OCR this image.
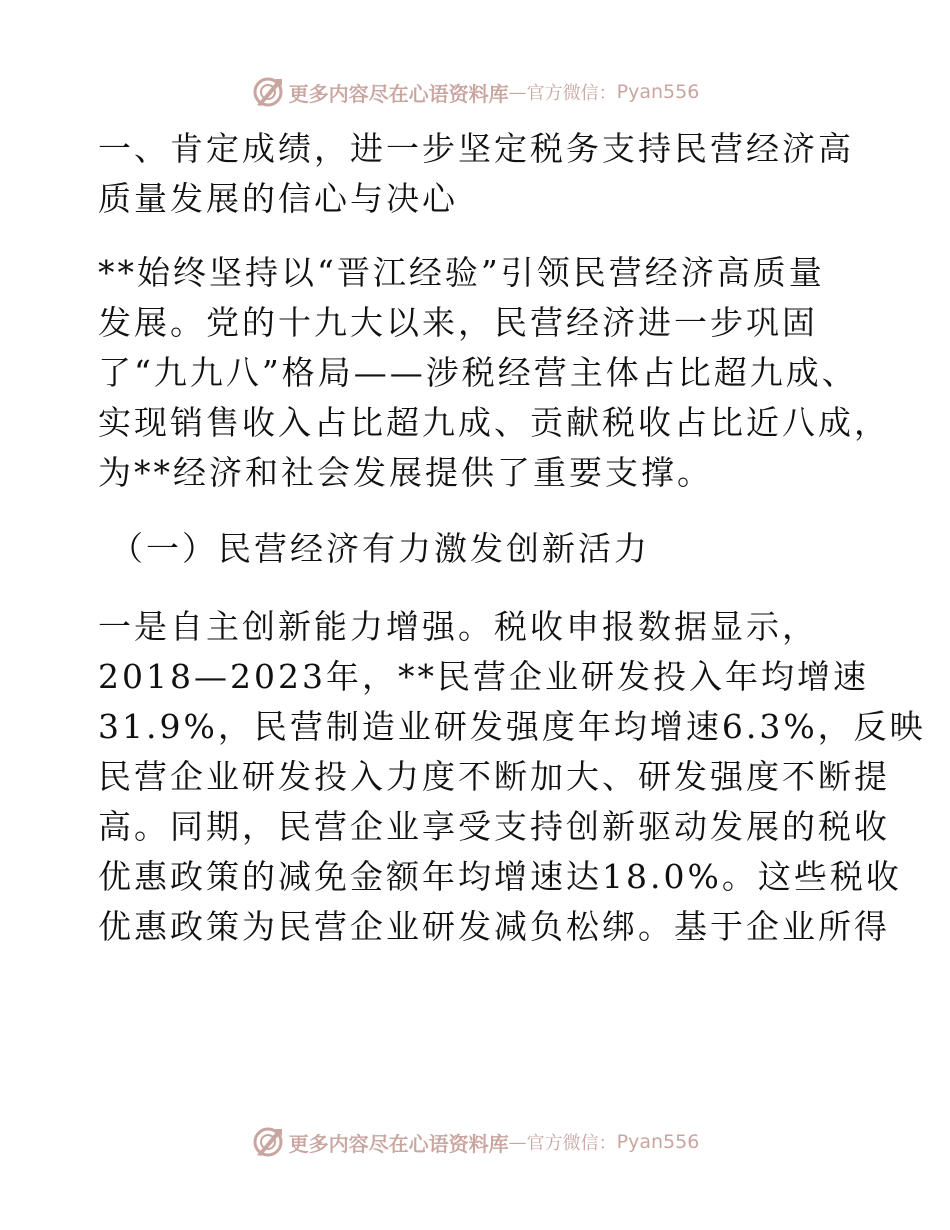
更多内容尽在心语资料库 — 官方微信： Pyan556
一、肯定成绩，进一步坚定税务支持民营经济高
质量发展的信心与决心
**始终坚持以“晋江经验”引领民营经济高质量
发展。党的十九大以来，民营经济进一步巩固
了“九九八”格局——涉税经营主体占比超九成、
实现销售收入占比超九成、贡献税收占比近八成，
为**经济和社会发展提供了重要支撑。
（一）民营经济有力激发创新活力
一是自主创新能力增强。税收申报数据显示，
2018—2023年，**民营企业研发投入年均增速
31.9%，民营制造业研发强度年均增速6.3%，反映
民营企业研发投入力度不断加大、研发强度不断提
高。同期，民营企业享受支持创新驱动发展的税收
优惠政策的减免金额年均增速达18.0%。这些税收
优惠政策为民营企业研发减负松绑。基于企业所得
更多内容尽在心语资料库 — 官方微信： Pyan556
